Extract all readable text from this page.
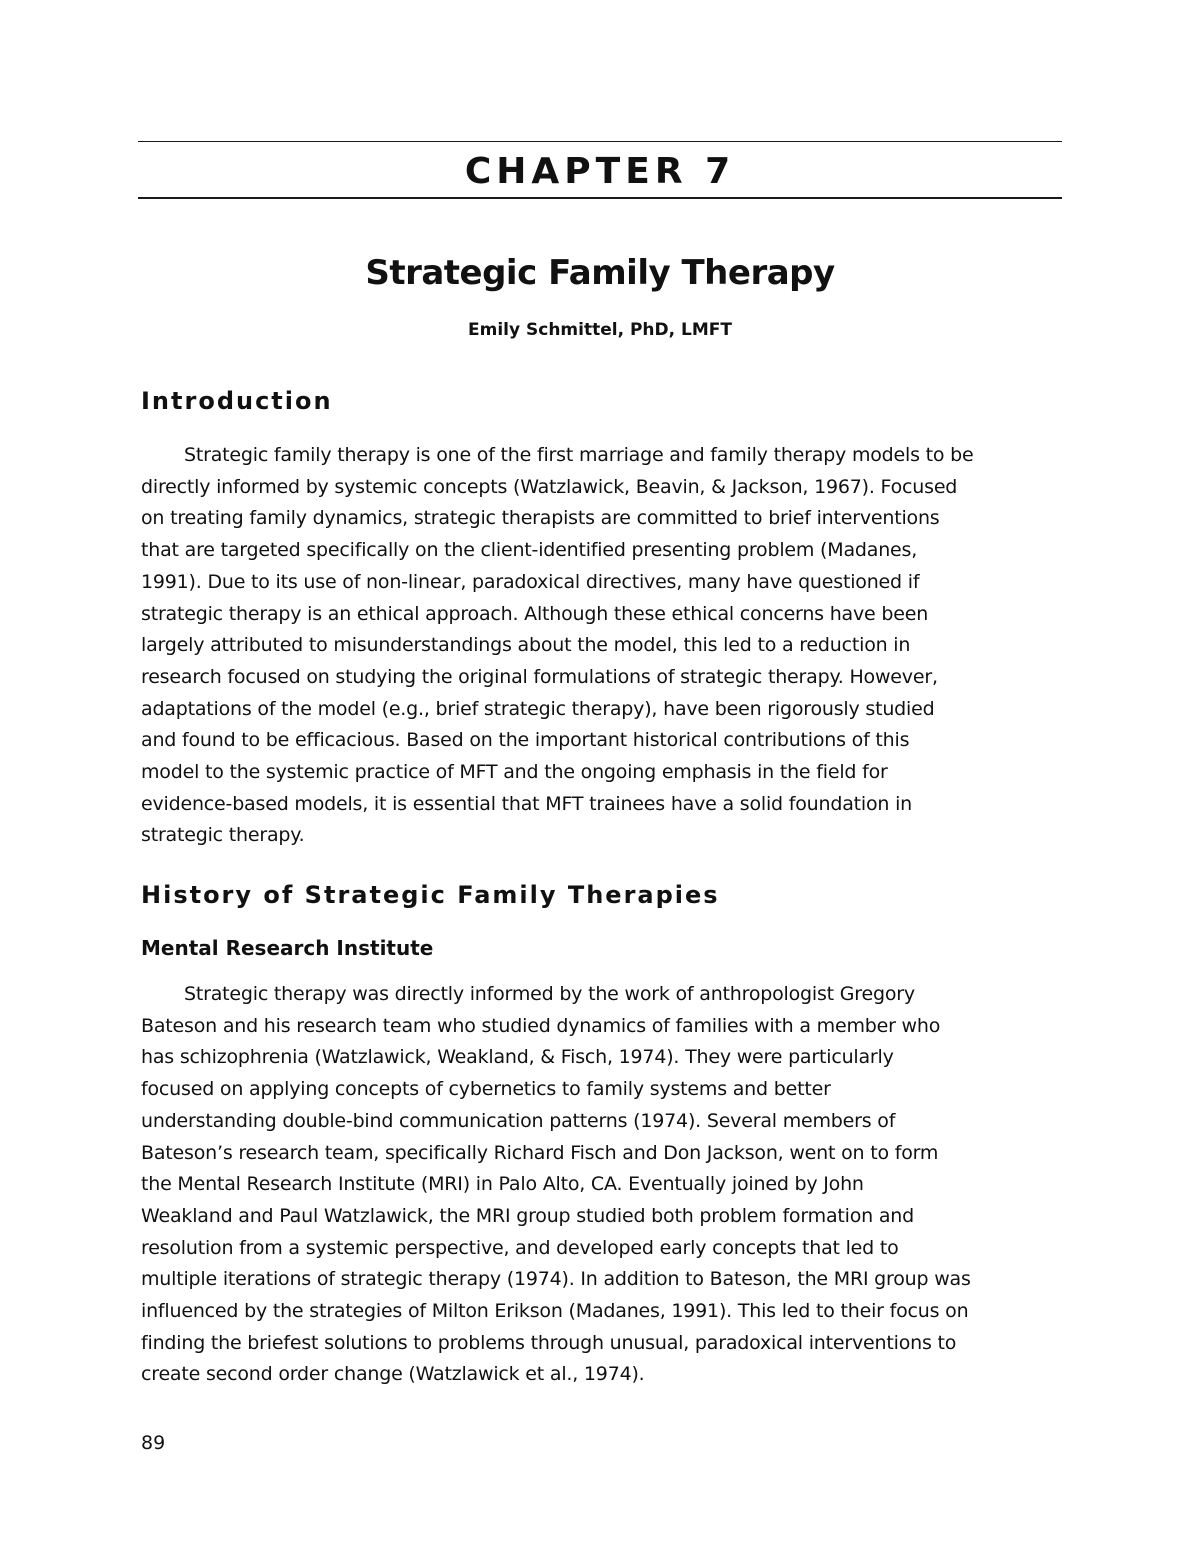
CHAPTER 7
Strategic Family Therapy

Emily Schmittel, PhD, LMFT

Introduction

Strategic family therapy is one of the first marriage and family therapy models to be
directly informed by systemic concepts (Watzlawick, Beavin, & Jackson, 1967). Focused
on treating family dynamics, strategic therapists are committed to brief interventions
that are targeted specifically on the client-identified presenting problem (Madanes,
1991). Due to its use of non-linear, paradoxical directives, many have questioned if
strategic therapy is an ethical approach. Although these ethical concerns have been
largely attributed to misunderstandings about the model, this led to a reduction in
research focused on studying the original formulations of strategic therapy. However,
adaptations of the model (e.g., brief strategic therapy), have been rigorously studied
and found to be efficacious. Based on the important historical contributions of this
model to the systemic practice of MFT and the ongoing emphasis in the field for
evidence-based models, it is essential that MFT trainees have a solid foundation in
strategic therapy.

History of Strategic Family Therapies
Mental Research Institute

Strategic therapy was directly informed by the work of anthropologist Gregory
Bateson and his research team who studied dynamics of families with a member who
has schizophrenia (Watzlawick, Weakland, & Fisch, 1974). They were particularly
focused on applying concepts of cybernetics to family systems and better
understanding double-bind communication patterns (1974). Several members of
Bateson’s research team, specifically Richard Fisch and Don Jackson, went on to form
the Mental Research Institute (MRI) in Palo Alto, CA. Eventually joined by John
Weakland and Paul Watzlawick, the MRI group studied both problem formation and
resolution from a systemic perspective, and developed early concepts that led to
multiple iterations of strategic therapy (1974). In addition to Bateson, the MRI group was
influenced by the strategies of Milton Erikson (Madanes, 1991). This led to their focus on
finding the briefest solutions to problems through unusual, paradoxical interventions to
create second order change (Watzlawick et al., 1974).

89
